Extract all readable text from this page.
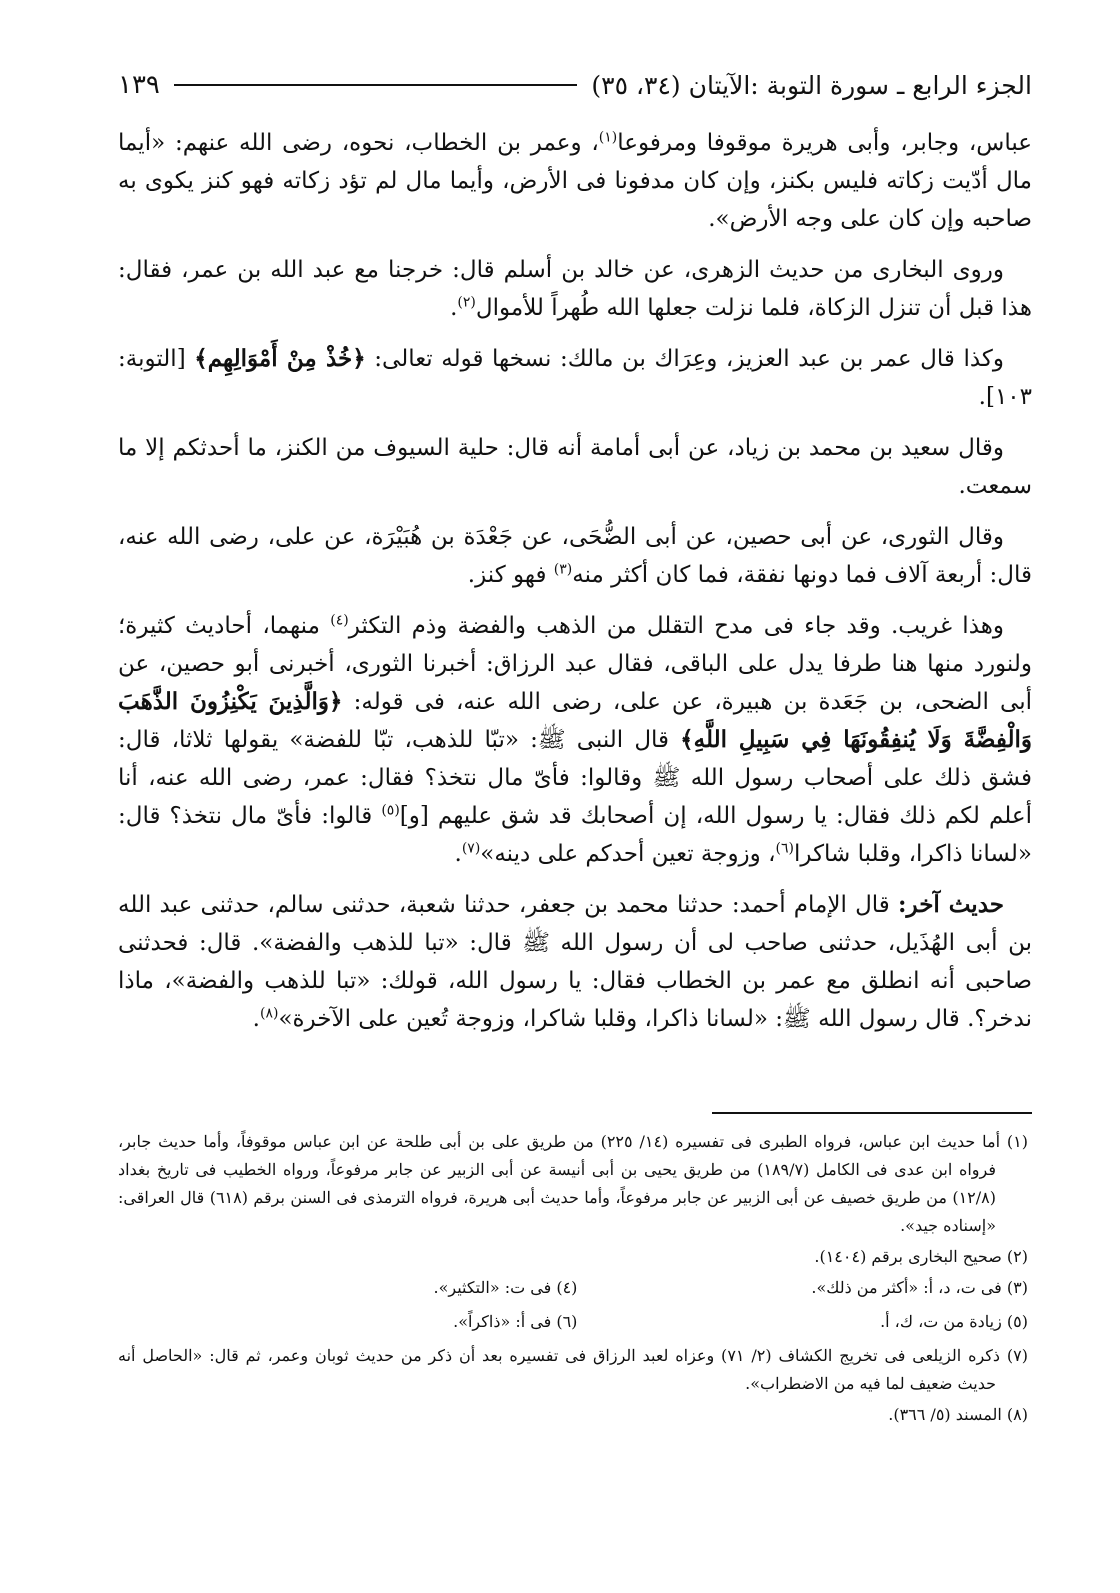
الجزء الرابع ـ سورة التوبة :الآيتان (٣٤، ٣٥)
١٣٩

عباس، وجابر، وأبى هريرة موقوفا ومرفوعا$^{(١)}$، وعمر بن الخطاب، نحوه، رضى الله عنهم: «أيما مال أدّيت زكاته فليس بكنز، وإن كان مدفونا فى الأرض، وأيما مال لم تؤد زكاته فهو كنز يكوى به صاحبه وإن كان على وجه الأرض».

وروى البخارى من حديث الزهرى، عن خالد بن أسلم قال: خرجنا مع عبد الله بن عمر، فقال: هذا قبل أن تنزل الزكاة، فلما نزلت جعلها الله طُهراً للأموال$^{(٢)}$.

وكذا قال عمر بن عبد العزيز، وعِرَاك بن مالك: نسخها قوله تعالى: ﴿خُذْ مِنْ أَمْوَالِهِم﴾ [التوبة: ١٠٣].

وقال سعيد بن محمد بن زياد، عن أبى أمامة أنه قال: حلية السيوف من الكنز، ما أحدثكم إلا ما سمعت.

وقال الثورى، عن أبى حصين، عن أبى الضُّحَى، عن جَعْدَة بن هُبَيْرَة، عن على، رضى الله عنه، قال: أربعة آلاف فما دونها نفقة، فما كان أكثر منه$^{(٣)}$ فهو كنز.

وهذا غريب. وقد جاء فى مدح التقلل من الذهب والفضة وذم التكثر$^{(٤)}$ منهما، أحاديث كثيرة؛ ولنورد منها هنا طرفا يدل على الباقى، فقال عبد الرزاق: أخبرنا الثورى، أخبرنى أبو حصين، عن أبى الضحى، بن جَعَدة بن هبيرة، عن على، رضى الله عنه، فى قوله: ﴿وَالَّذِينَ يَكْنِزُونَ الذَّهَبَ وَالْفِضَّةَ وَلَا يُنفِقُونَهَا فِي سَبِيلِ اللَّهِ﴾ قال النبى ﷺ: «تبّا للذهب، تبّا للفضة» يقولها ثلاثا، قال: فشق ذلك على أصحاب رسول الله ﷺ وقالوا: فأىّ مال نتخذ؟ فقال: عمر، رضى الله عنه، أنا أعلم لكم ذلك فقال: يا رسول الله، إن أصحابك قد شق عليهم [و]$^{(٥)}$ قالوا: فأىّ مال نتخذ؟ قال: «لسانا ذاكرا، وقلبا شاكرا$^{(٦)}$، وزوجة تعين أحدكم على دينه»$^{(٧)}$.

حديث آخر: قال الإمام أحمد: حدثنا محمد بن جعفر، حدثنا شعبة، حدثنى سالم، حدثنى عبد الله بن أبى الهُذَيل، حدثنى صاحب لى أن رسول الله ﷺ قال: «تبا للذهب والفضة». قال: فحدثنى صاحبى أنه انطلق مع عمر بن الخطاب فقال: يا رسول الله، قولك: «تبا للذهب والفضة»، ماذا ندخر؟. قال رسول الله ﷺ: «لسانا ذاكرا، وقلبا شاكرا، وزوجة تُعين على الآخرة»$^{(٨)}$.

(١) أما حديث ابن عباس، فرواه الطبرى فى تفسيره (١٤/ ٢٢٥) من طريق على بن أبى طلحة عن ابن عباس موقوفاً، وأما حديث جابر، فرواه ابن عدى فى الكامل (١٨٩/٧) من طريق يحيى بن أبى أنيسة عن أبى الزبير عن جابر مرفوعاً، ورواه الخطيب فى تاريخ بغداد (١٢/٨) من طريق خصيف عن أبى الزبير عن جابر مرفوعاً، وأما حديث أبى هريرة، فرواه الترمذى فى السنن برقم (٦١٨) قال العراقى: «إسناده جيد».
(٢) صحيح البخارى برقم (١٤٠٤).
(٣) فى ت، د، أ: «أكثر من ذلك».
(٤) فى ت: «التكثير».
(٥) زيادة من ت، ك، أ.
(٦) فى أ: «ذاكراً».
(٧) ذكره الزيلعى فى تخريج الكشاف (٢/ ٧١) وعزاه لعبد الرزاق فى تفسيره بعد أن ذكر من حديث ثوبان وعمر، ثم قال: «الحاصل أنه حديث ضعيف لما فيه من الاضطراب».
(٨) المسند (٥/ ٣٦٦).
